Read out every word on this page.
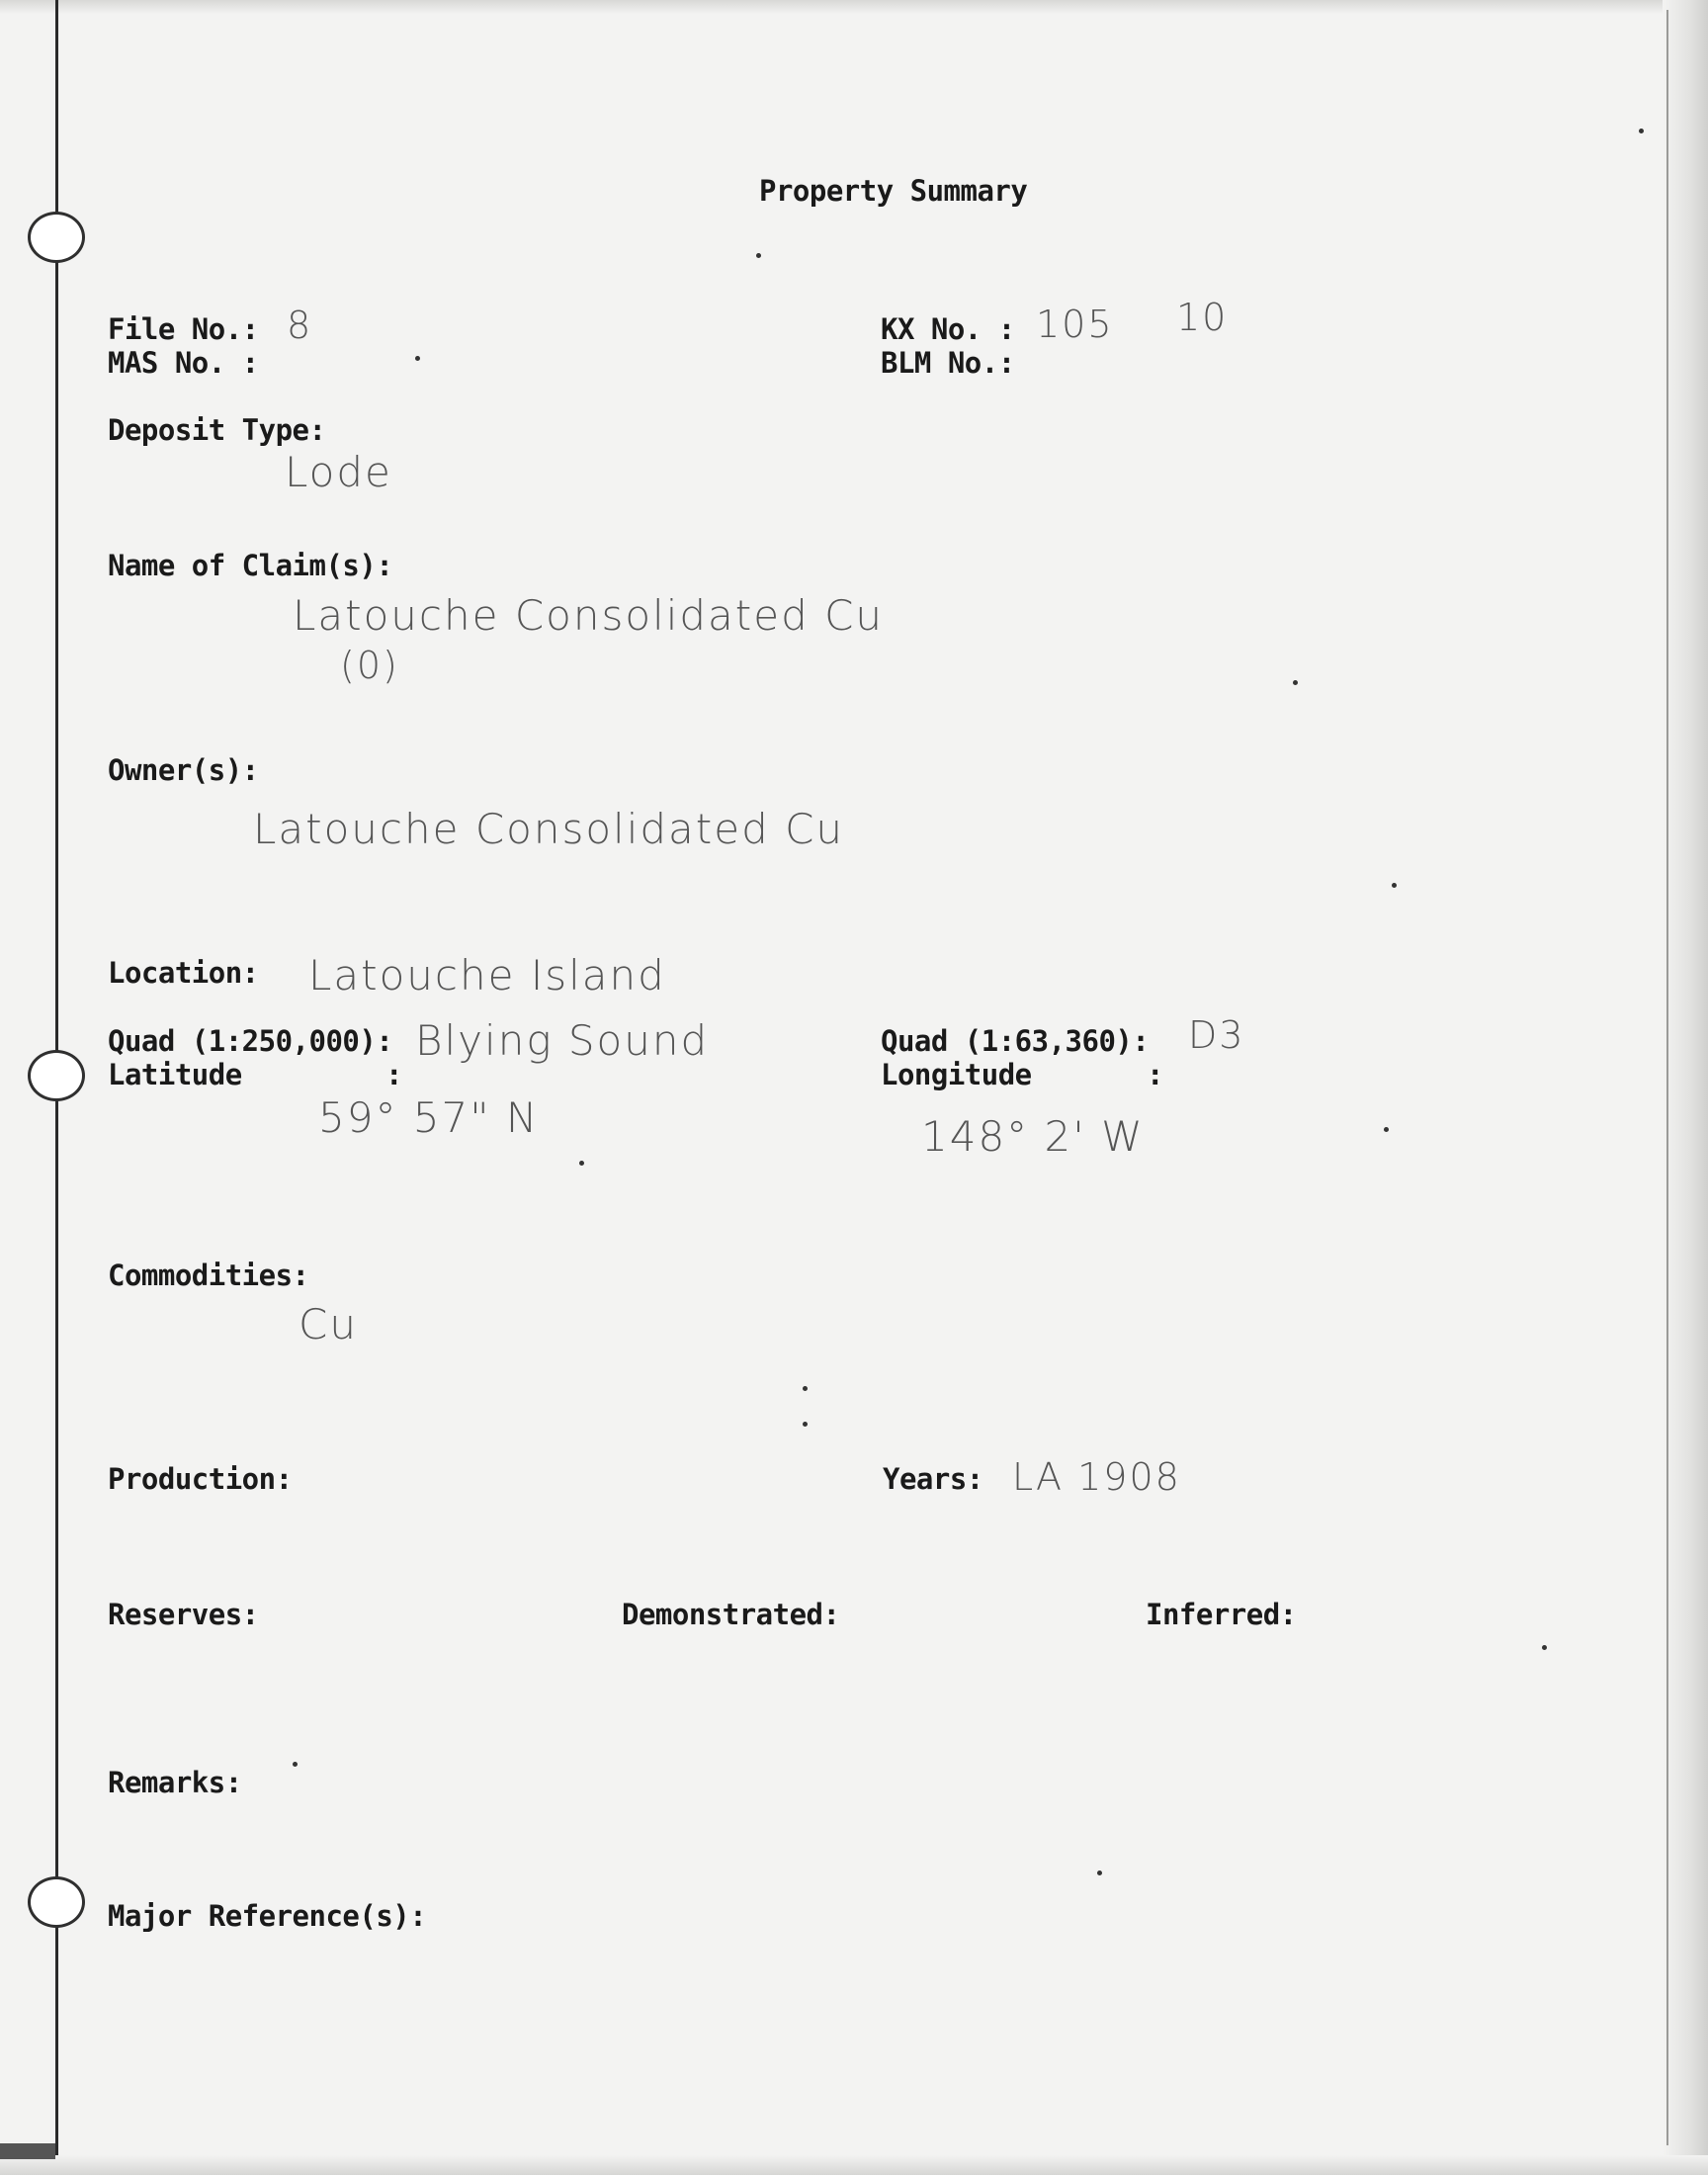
Property Summary
File No.: 8
MAS No. :
KX No. : 105 10
BLM No.:
Deposit Type:
Lode
Name of Claim(s):
Latouche Consolidated Cu
(0)
Owner(s):
Latouche Consolidated Cu
Location: Latouche Island
Quad (1:250,000): Blying Sound	Quad (1:63,360): D3
Latitude	:
59° 57" N
Longitude	:
148° 2' W
Commodities:
Cu
Production:	Years: LA 1908
Reserves:	Demonstrated:	Inferred:
Remarks:
Major Reference(s):
